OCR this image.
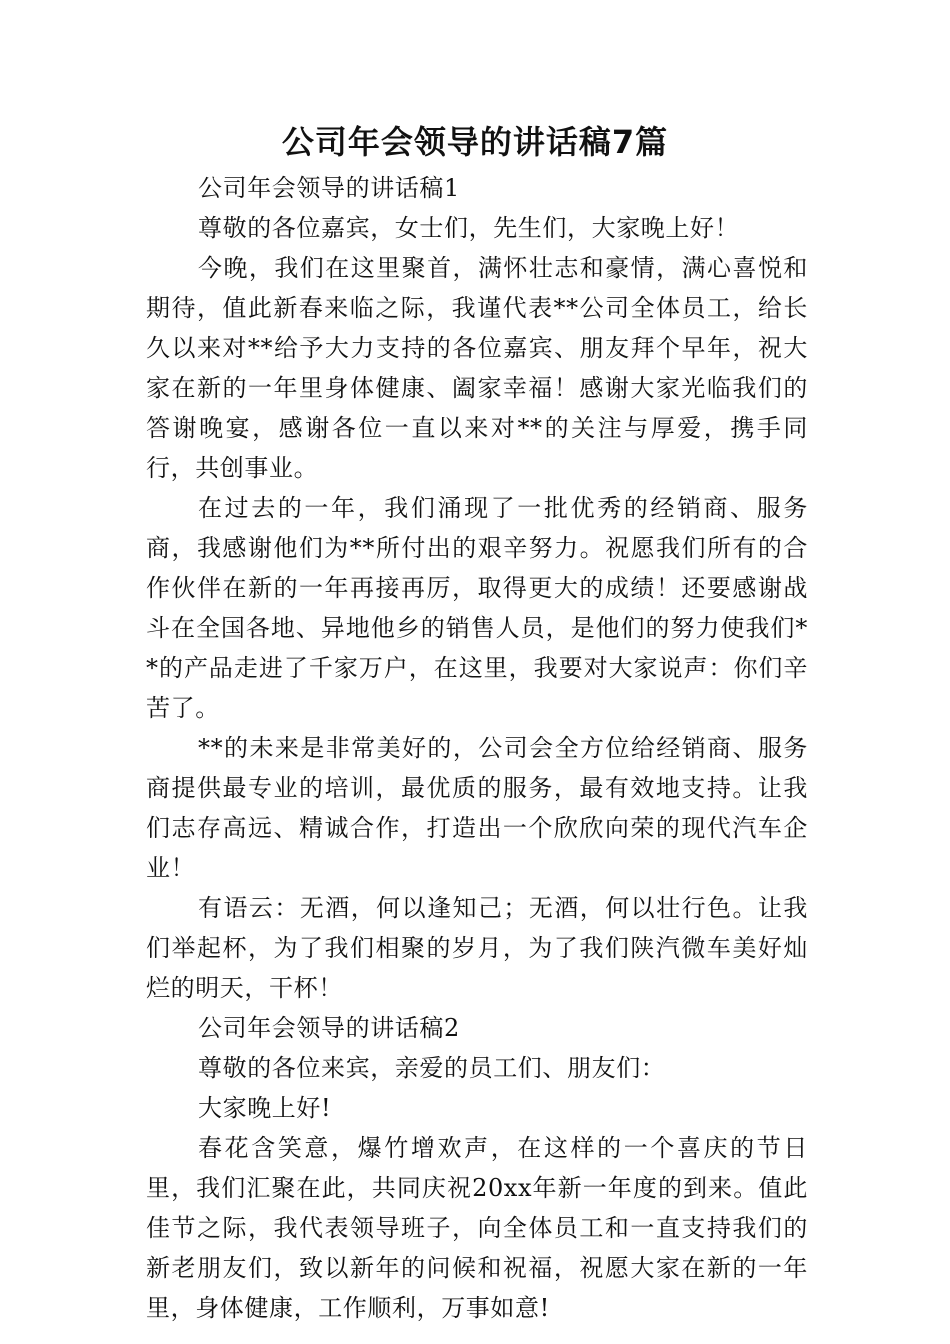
公司年会领导的讲话稿7篇

公司年会领导的讲话稿1

尊敬的各位嘉宾，女士们，先生们，大家晚上好！

今晚，我们在这里聚首，满怀壮志和豪情，满心喜悦和期待，值此新春来临之际，我谨代表**公司全体员工，给长久以来对**给予大力支持的各位嘉宾、朋友拜个早年，祝大家在新的一年里身体健康、阖家幸福！感谢大家光临我们的答谢晚宴，感谢各位一直以来对**的关注与厚爱，携手同行，共创事业。

在过去的一年，我们涌现了一批优秀的经销商、服务商，我感谢他们为**所付出的艰辛努力。祝愿我们所有的合作伙伴在新的一年再接再厉，取得更大的成绩！还要感谢战斗在全国各地、异地他乡的销售人员，是他们的努力使我们**的产品走进了千家万户，在这里，我要对大家说声：你们辛苦了。

**的未来是非常美好的，公司会全方位给经销商、服务商提供最专业的培训，最优质的服务，最有效地支持。让我们志存高远、精诚合作，打造出一个欣欣向荣的现代汽车企业！

有语云：无酒，何以逢知己；无酒，何以壮行色。让我们举起杯，为了我们相聚的岁月，为了我们陕汽微车美好灿烂的明天，干杯！

公司年会领导的讲话稿2

尊敬的各位来宾，亲爱的员工们、朋友们：

大家晚上好!

春花含笑意，爆竹增欢声，在这样的一个喜庆的节日里，我们汇聚在此，共同庆祝20xx年新一年度的到来。值此佳节之际，我代表领导班子，向全体员工和一直支持我们的新老朋友们，致以新年的问候和祝福，祝愿大家在新的一年里，身体健康，工作顺利，万事如意!
